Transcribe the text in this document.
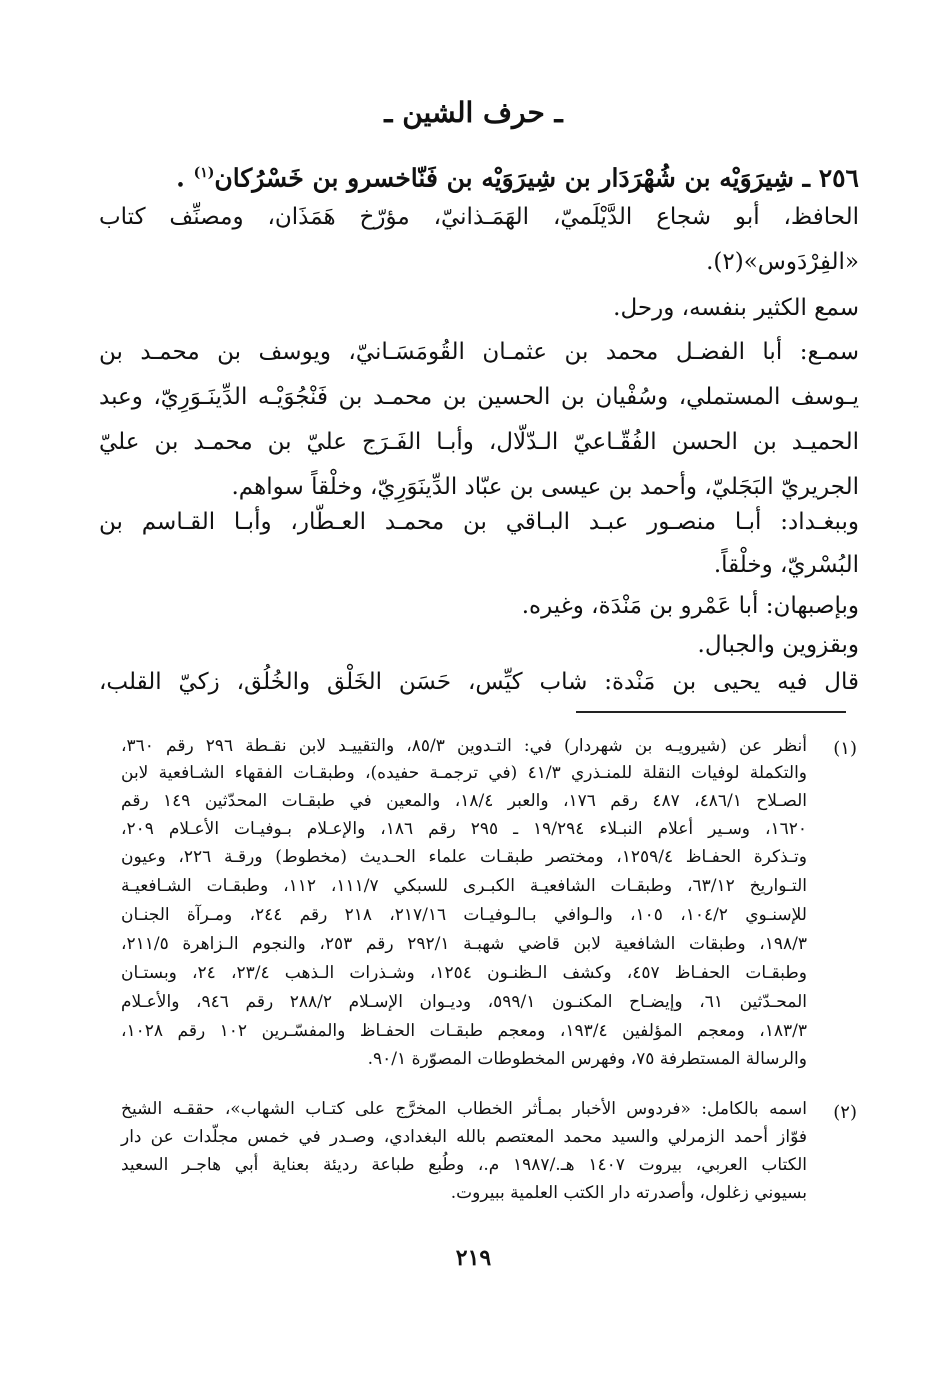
ـ حرف الشين ـ
٢٥٦ ـ شِيرَوَيْه بن شُهْرَدَار بن شِيرَوَيْه بن فَنّاخسرو بن خَسْرُكان$^{(١)}$ .
الحافظ، أبو شجاع الدَّيْلَميّ، الهَمَـذانيّ، مؤرّخ هَمَذَان، ومصنِّف كتاب
«الفِرْدَوس»(٢).
سمع الكثير بنفسه، ورحل.
سمـع: أبا الفضـل محمد بن عثمـان القُومَسَـانيّ، ويوسف بن محمـد بن
يـوسف المستملي، وسُفْيان بن الحسين بن محمـد بن فَنْجُوَيْـه الدِّينَـوَرِيّ، وعبد
الحميـد بن الحسن الفُقّـاعيّ الـدّلّال، وأبـا الفَـرَج عليّ بن محمـد بن عليّ
الجريريّ البَجَليّ، وأحمد بن عيسى بن عبّاد الدِّينَوَرِيّ، وخلْقاً سواهم.
وببغـداد: أبـا منصـور عبـد البـاقي بن محمـد العـطّار، وأبـا القـاسم بن
البُسْريّ، وخلْقاً.
وبإصبهان: أبا عَمْرو بن مَنْدَة، وغيره.
وبقزوين والجبال.
قال فيه يحيى بن مَنْدة: شاب كيِّس، حَسَن الخَلْق والخُلُق، زكيّ القلب،
(١)
أنظر عن (شيرويـه بن شهردار) في: التـدوين ٨٥/٣، والتقييـد لابن نقـطة ٢٩٦ رقم ٣٦٠،
والتكملة لوفيات النقلة للمنـذري ٤١/٣ (في ترجمـة حفيده)، وطبقـات الفقهاء الشـافعية لابن
الصـلاح ٤٨٦/١، ٤٨٧ رقم ١٧٦، والعبر ١٨/٤، والمعين في طبقـات المحدّثين ١٤٩ رقم
١٦٢٠، وسـير أعلام النبـلاء ١٩/٢٩٤ ـ ٢٩٥ رقم ١٨٦، والإعـلام بـوفيـات الأعـلام ٢٠٩،
وتـذكرة الحفـاظ ١٢٥٩/٤، ومختصر طبقـات علماء الحـديث (مخطوط) ورقـة ٢٢٦، وعيون
التـواريخ ٦٣/١٢، وطبقـات الشافعيـة الكبـرى للسبكي ١١١/٧، ١١٢، وطبقـات الشـافعيـة
للإسنـوي ١٠٤/٢، ١٠٥، والـوافي بـالـوفيـات ٢١٧/١٦، ٢١٨ رقم ٢٤٤، ومـرآة الجنـان
١٩٨/٣، وطبقات الشافعية لابن قاضي شهبـة ٢٩٢/١ رقم ٢٥٣، والنجوم الـزاهرة ٢١١/٥،
وطبقـات الحفـاظ ٤٥٧، وكشف الـظنـون ١٢٥٤، وشـذرات الـذهب ٢٣/٤، ٢٤، وبستـان
المحـدّثين ٦١، وإيضـاح المكنـون ٥٩٩/١، وديـوان الإسـلام ٢٨٨/٢ رقم ٩٤٦، والأعـلام
١٨٣/٣، ومعجم المؤلفين ١٩٣/٤، ومعجم طبقـات الحفـاظ والمفسّـرين ١٠٢ رقم ١٠٢٨،
والرسالة المستطرفة ٧٥، وفهرس المخطوطات المصوّرة ٩٠/١.
(٢)
اسمه بالكامل: «فردوس الأخبار بمـأثر الخطاب المخرَّج على كتـاب الشهاب»، حققـه الشيخ
فوّاز أحمد الزمرلي والسيد محمد المعتصم بالله البغدادي، وصـدر في خمس مجلّدات عن دار
الكتاب العربي، بيروت ١٤٠٧ هـ./١٩٨٧ م.، وطُبع طباعة رديئة بعناية أبي هاجـر السعيد
بسيوني زغلول، وأصدرته دار الكتب العلمية ببيروت.
٢١٩
